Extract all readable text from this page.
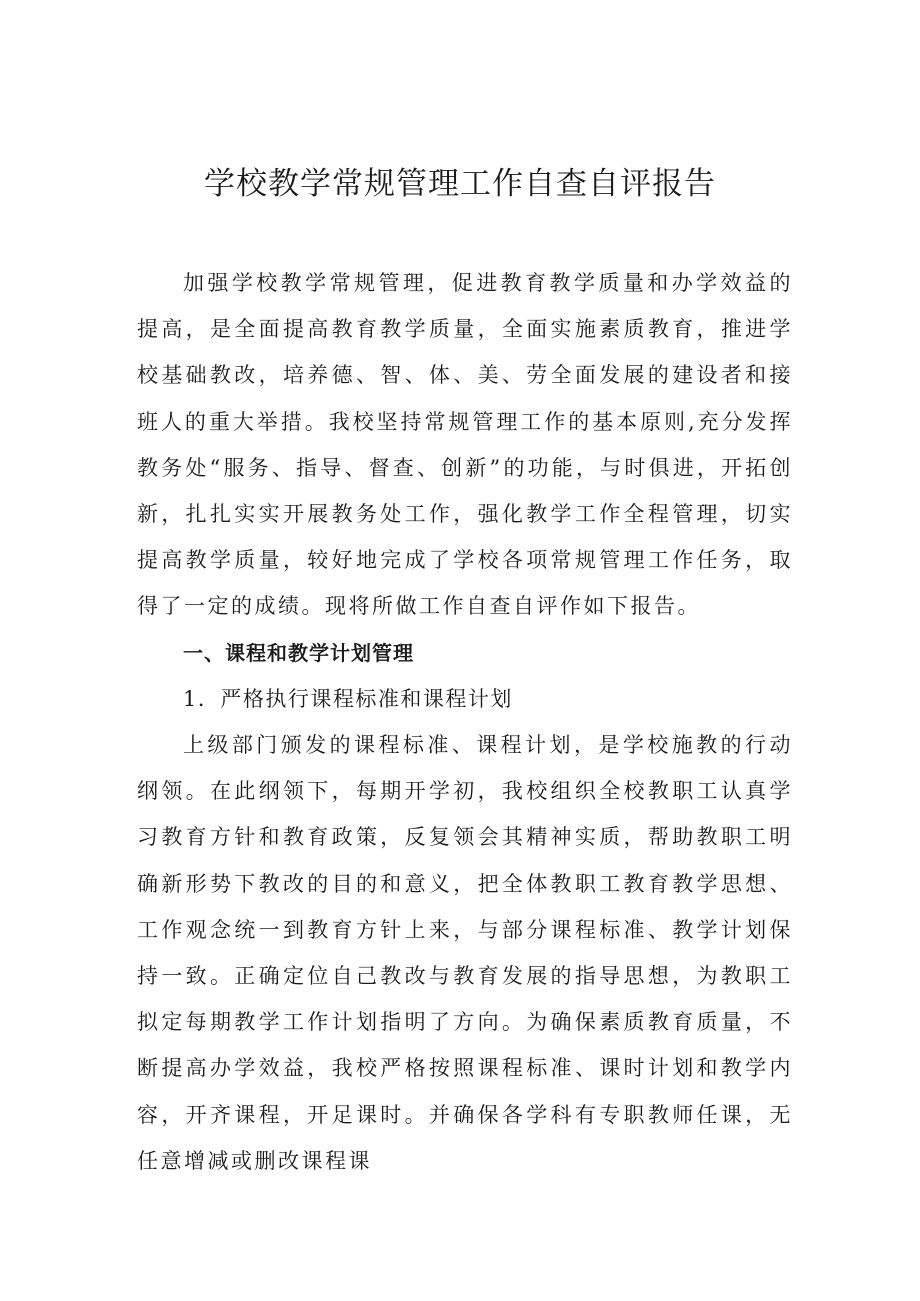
学校教学常规管理工作自查自评报告

加强学校教学常规管理，促进教育教学质量和办学效益的提高，是全面提高教育教学质量，全面实施素质教育，推进学校基础教改，培养德、智、体、美、劳全面发展的建设者和接班人的重大举措。我校坚持常规管理工作的基本原则,充分发挥教务处“服务、指导、督查、创新”的功能，与时俱进，开拓创新，扎扎实实开展教务处工作，强化教学工作全程管理，切实提高教学质量，较好地完成了学校各项常规管理工作任务，取得了一定的成绩。现将所做工作自查自评作如下报告。

一、课程和教学计划管理

1．严格执行课程标准和课程计划

上级部门颁发的课程标准、课程计划，是学校施教的行动纲领。在此纲领下，每期开学初，我校组织全校教职工认真学习教育方针和教育政策，反复领会其精神实质，帮助教职工明确新形势下教改的目的和意义，把全体教职工教育教学思想、工作观念统一到教育方针上来，与部分课程标准、教学计划保持一致。正确定位自己教改与教育发展的指导思想，为教职工拟定每期教学工作计划指明了方向。为确保素质教育质量，不断提高办学效益，我校严格按照课程标准、课时计划和教学内容，开齐课程，开足课时。并确保各学科有专职教师任课，无任意增减或删改课程课
